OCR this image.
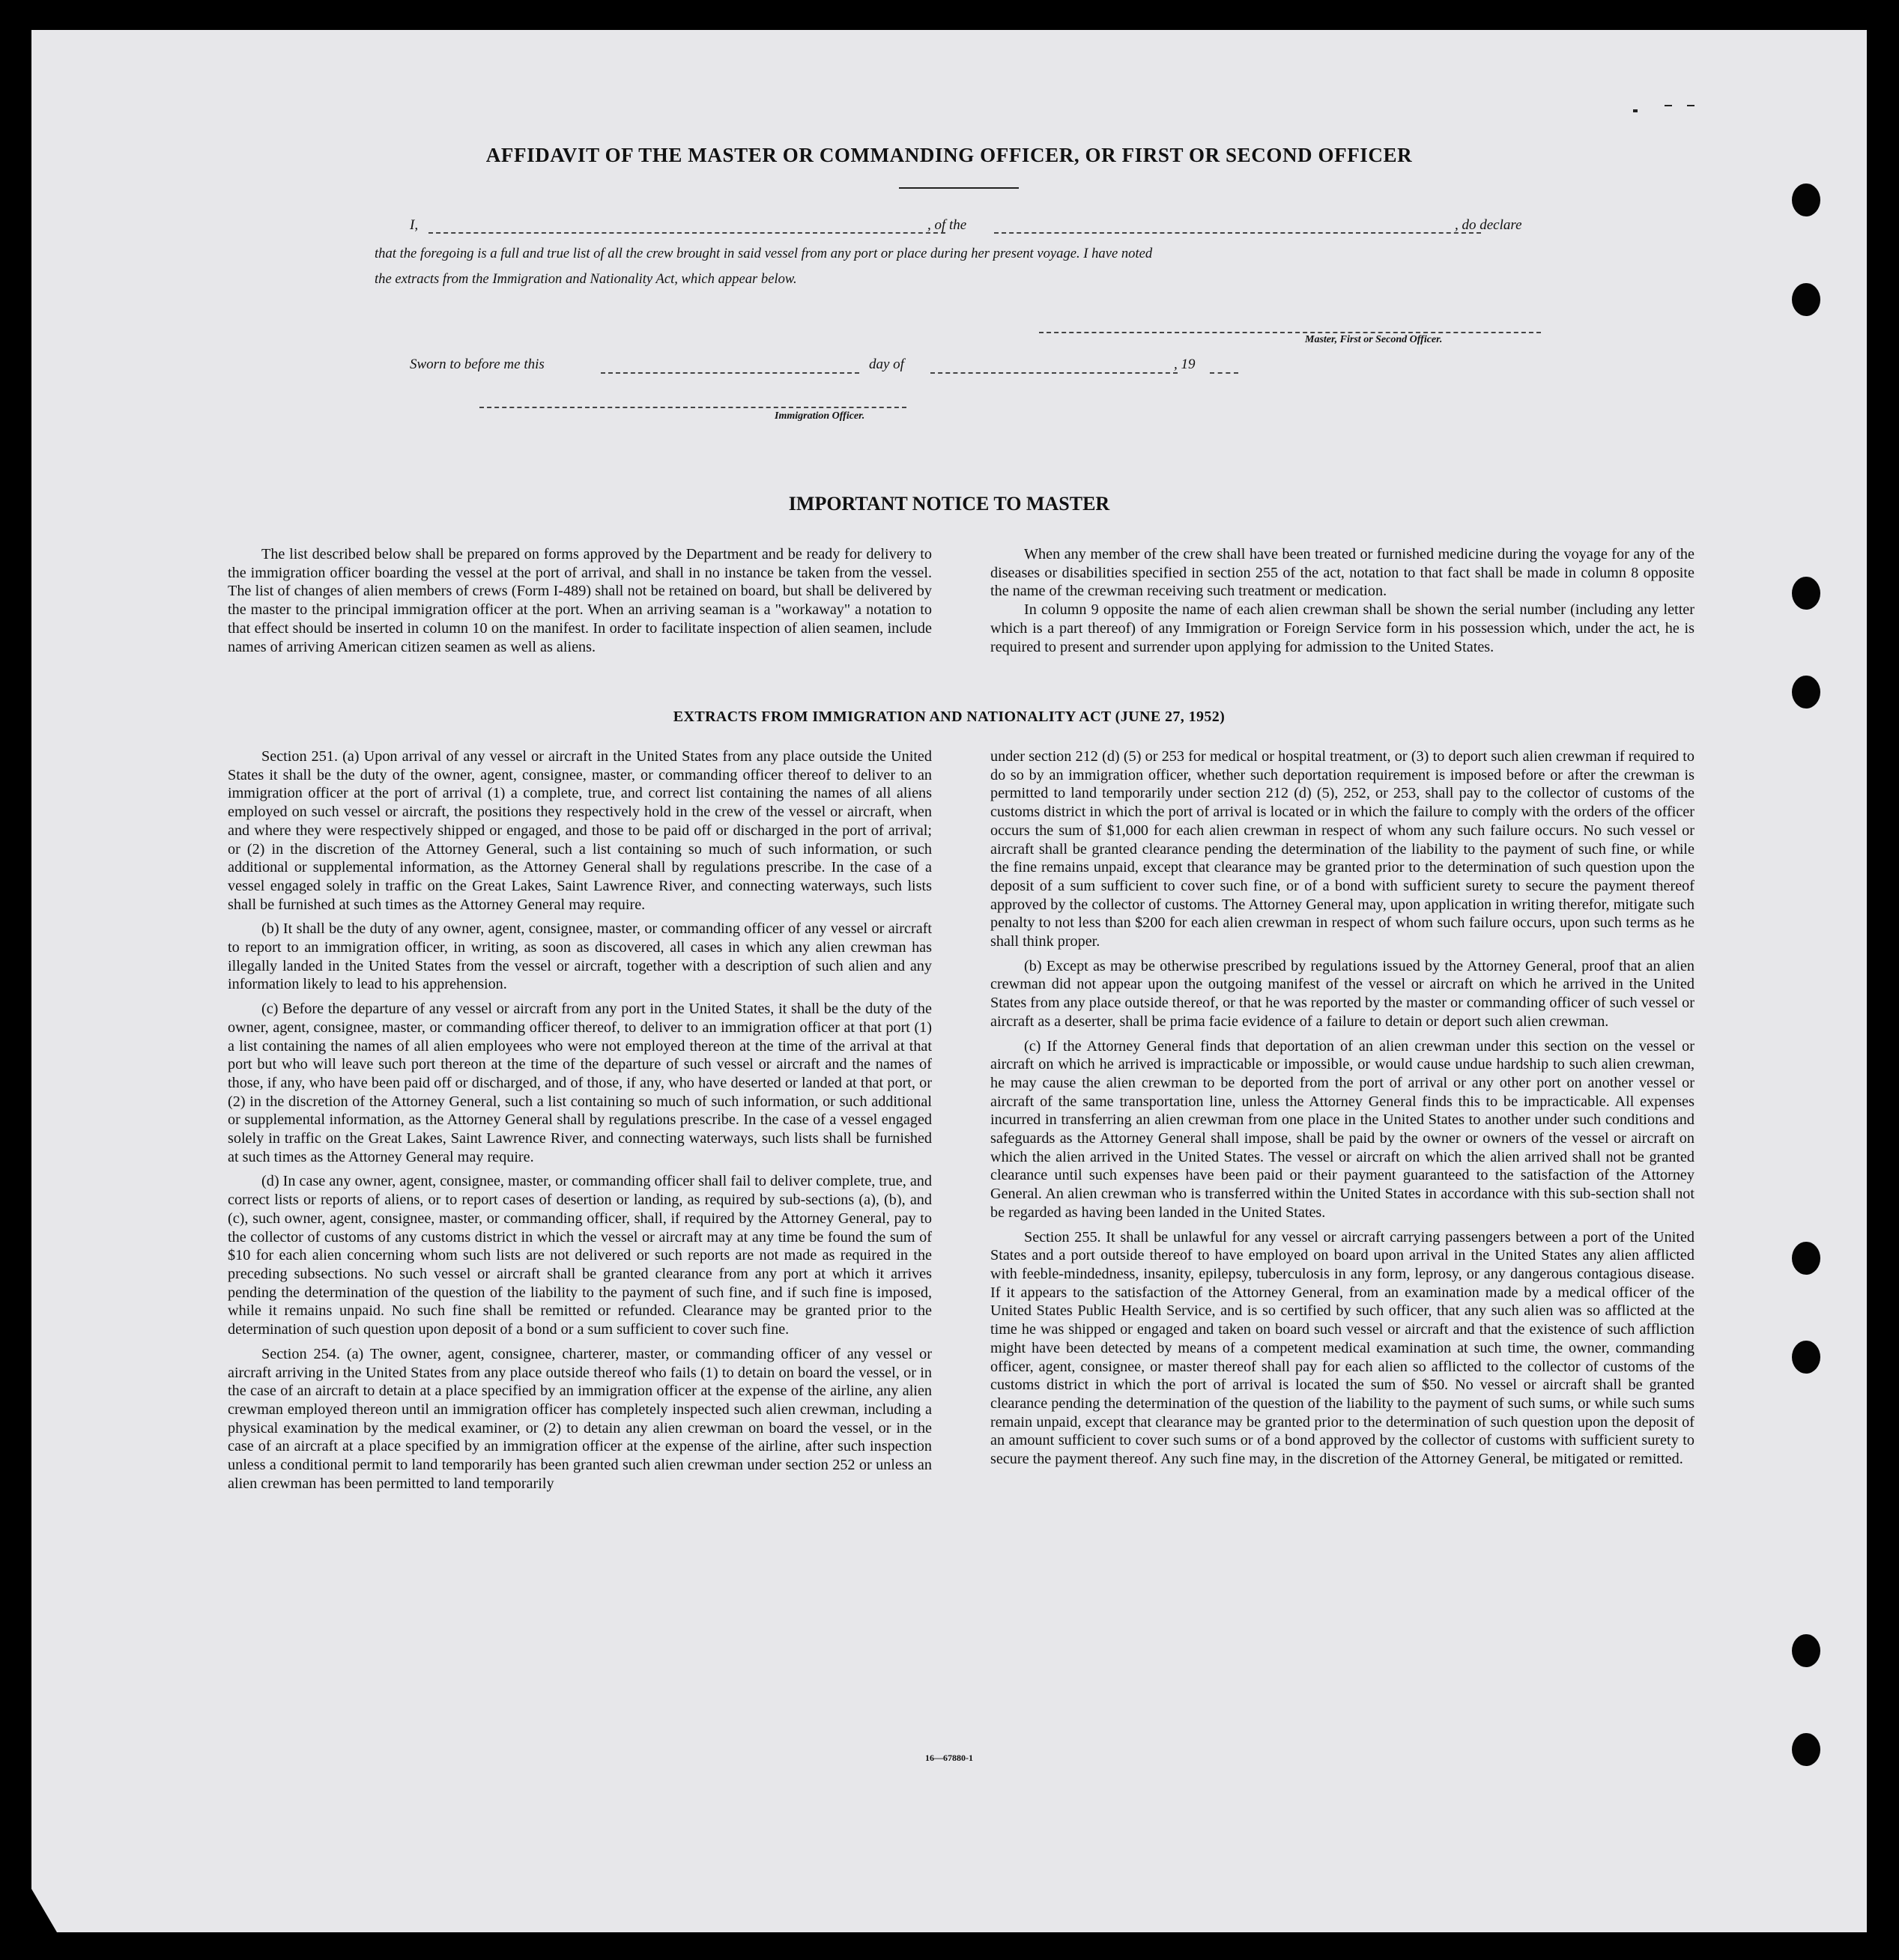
AFFIDAVIT OF THE MASTER OR COMMANDING OFFICER, OR FIRST OR SECOND OFFICER
I,	, of the	, do declare
that the foregoing is a full and true list of all the crew brought in said vessel from any port or place during her present voyage. I have noted
the extracts from the Immigration and Nationality Act, which appear below.
Master, First or Second Officer.
Sworn to before me this	day of	, 19
Immigration Officer.
IMPORTANT NOTICE TO MASTER

The list described below shall be prepared on forms approved by the Department and be ready for delivery to the immigration officer boarding the vessel at the port of arrival, and shall in no instance be taken from the vessel. The list of changes of alien members of crews (Form I-489) shall not be retained on board, but shall be delivered by the master to the principal immigration officer at the port. When an arriving seaman is a "workaway" a notation to that effect should be inserted in column 10 on the manifest. In order to facilitate inspection of alien seamen, include names of arriving American citizen seamen as well as aliens.

When any member of the crew shall have been treated or furnished medicine during the voyage for any of the diseases or disabilities specified in section 255 of the act, notation to that fact shall be made in column 8 opposite the name of the crewman receiving such treatment or medication.

In column 9 opposite the name of each alien crewman shall be shown the serial number (including any letter which is a part thereof) of any Immigration or Foreign Service form in his possession which, under the act, he is required to present and surrender upon applying for admission to the United States.

EXTRACTS FROM IMMIGRATION AND NATIONALITY ACT (JUNE 27, 1952)

Section 251. (a) Upon arrival of any vessel or aircraft in the United States from any place outside the United States it shall be the duty of the owner, agent, consignee, master, or commanding officer thereof to deliver to an immigration officer at the port of arrival (1) a complete, true, and correct list containing the names of all aliens employed on such vessel or aircraft, the positions they respectively hold in the crew of the vessel or aircraft, when and where they were respectively shipped or engaged, and those to be paid off or discharged in the port of arrival; or (2) in the discretion of the Attorney General, such a list containing so much of such information, or such additional or supplemental information, as the Attorney General shall by regulations prescribe. In the case of a vessel engaged solely in traffic on the Great Lakes, Saint Lawrence River, and connecting waterways, such lists shall be furnished at such times as the Attorney General may require.

(b) It shall be the duty of any owner, agent, consignee, master, or commanding officer of any vessel or aircraft to report to an immigration officer, in writing, as soon as discovered, all cases in which any alien crewman has illegally landed in the United States from the vessel or aircraft, together with a description of such alien and any information likely to lead to his apprehension.

(c) Before the departure of any vessel or aircraft from any port in the United States, it shall be the duty of the owner, agent, consignee, master, or commanding officer thereof, to deliver to an immigration officer at that port (1) a list containing the names of all alien employees who were not employed thereon at the time of the arrival at that port but who will leave such port thereon at the time of the departure of such vessel or aircraft and the names of those, if any, who have been paid off or discharged, and of those, if any, who have deserted or landed at that port, or (2) in the discretion of the Attorney General, such a list containing so much of such information, or such additional or supplemental information, as the Attorney General shall by regulations prescribe. In the case of a vessel engaged solely in traffic on the Great Lakes, Saint Lawrence River, and connecting waterways, such lists shall be furnished at such times as the Attorney General may require.

(d) In case any owner, agent, consignee, master, or commanding officer shall fail to deliver complete, true, and correct lists or reports of aliens, or to report cases of desertion or landing, as required by sub-sections (a), (b), and (c), such owner, agent, consignee, master, or commanding officer, shall, if required by the Attorney General, pay to the collector of customs of any customs district in which the vessel or aircraft may at any time be found the sum of $10 for each alien concerning whom such lists are not delivered or such reports are not made as required in the preceding subsections. No such vessel or aircraft shall be granted clearance from any port at which it arrives pending the determination of the question of the liability to the payment of such fine, and if such fine is imposed, while it remains unpaid. No such fine shall be remitted or refunded. Clearance may be granted prior to the determination of such question upon deposit of a bond or a sum sufficient to cover such fine.

Section 254. (a) The owner, agent, consignee, charterer, master, or commanding officer of any vessel or aircraft arriving in the United States from any place outside thereof who fails (1) to detain on board the vessel, or in the case of an aircraft to detain at a place specified by an immigration officer at the expense of the airline, any alien crewman employed thereon until an immigration officer has completely inspected such alien crewman, including a physical examination by the medical examiner, or (2) to detain any alien crewman on board the vessel, or in the case of an aircraft at a place specified by an immigration officer at the expense of the airline, after such inspection unless a conditional permit to land temporarily has been granted such alien crewman under section 252 or unless an alien crewman has been permitted to land temporarily

under section 212 (d) (5) or 253 for medical or hospital treatment, or (3) to deport such alien crewman if required to do so by an immigration officer, whether such deportation requirement is imposed before or after the crewman is permitted to land temporarily under section 212 (d) (5), 252, or 253, shall pay to the collector of customs of the customs district in which the port of arrival is located or in which the failure to comply with the orders of the officer occurs the sum of $1,000 for each alien crewman in respect of whom any such failure occurs. No such vessel or aircraft shall be granted clearance pending the determination of the liability to the payment of such fine, or while the fine remains unpaid, except that clearance may be granted prior to the determination of such question upon the deposit of a sum sufficient to cover such fine, or of a bond with sufficient surety to secure the payment thereof approved by the collector of customs. The Attorney General may, upon application in writing therefor, mitigate such penalty to not less than $200 for each alien crewman in respect of whom such failure occurs, upon such terms as he shall think proper.

(b) Except as may be otherwise prescribed by regulations issued by the Attorney General, proof that an alien crewman did not appear upon the outgoing manifest of the vessel or aircraft on which he arrived in the United States from any place outside thereof, or that he was reported by the master or commanding officer of such vessel or aircraft as a deserter, shall be prima facie evidence of a failure to detain or deport such alien crewman.

(c) If the Attorney General finds that deportation of an alien crewman under this section on the vessel or aircraft on which he arrived is impracticable or impossible, or would cause undue hardship to such alien crewman, he may cause the alien crewman to be deported from the port of arrival or any other port on another vessel or aircraft of the same transportation line, unless the Attorney General finds this to be impracticable. All expenses incurred in transferring an alien crewman from one place in the United States to another under such conditions and safeguards as the Attorney General shall impose, shall be paid by the owner or owners of the vessel or aircraft on which the alien arrived in the United States. The vessel or aircraft on which the alien arrived shall not be granted clearance until such expenses have been paid or their payment guaranteed to the satisfaction of the Attorney General. An alien crewman who is transferred within the United States in accordance with this sub-section shall not be regarded as having been landed in the United States.

Section 255. It shall be unlawful for any vessel or aircraft carrying passengers between a port of the United States and a port outside thereof to have employed on board upon arrival in the United States any alien afflicted with feeble-mindedness, insanity, epilepsy, tuberculosis in any form, leprosy, or any dangerous contagious disease. If it appears to the satisfaction of the Attorney General, from an examination made by a medical officer of the United States Public Health Service, and is so certified by such officer, that any such alien was so afflicted at the time he was shipped or engaged and taken on board such vessel or aircraft and that the existence of such affliction might have been detected by means of a competent medical examination at such time, the owner, commanding officer, agent, consignee, or master thereof shall pay for each alien so afflicted to the collector of customs of the customs district in which the port of arrival is located the sum of $50. No vessel or aircraft shall be granted clearance pending the determination of the question of the liability to the payment of such sums, or while such sums remain unpaid, except that clearance may be granted prior to the determination of such question upon the deposit of an amount sufficient to cover such sums or of a bond approved by the collector of customs with sufficient surety to secure the payment thereof. Any such fine may, in the discretion of the Attorney General, be mitigated or remitted.

16—67880-1
